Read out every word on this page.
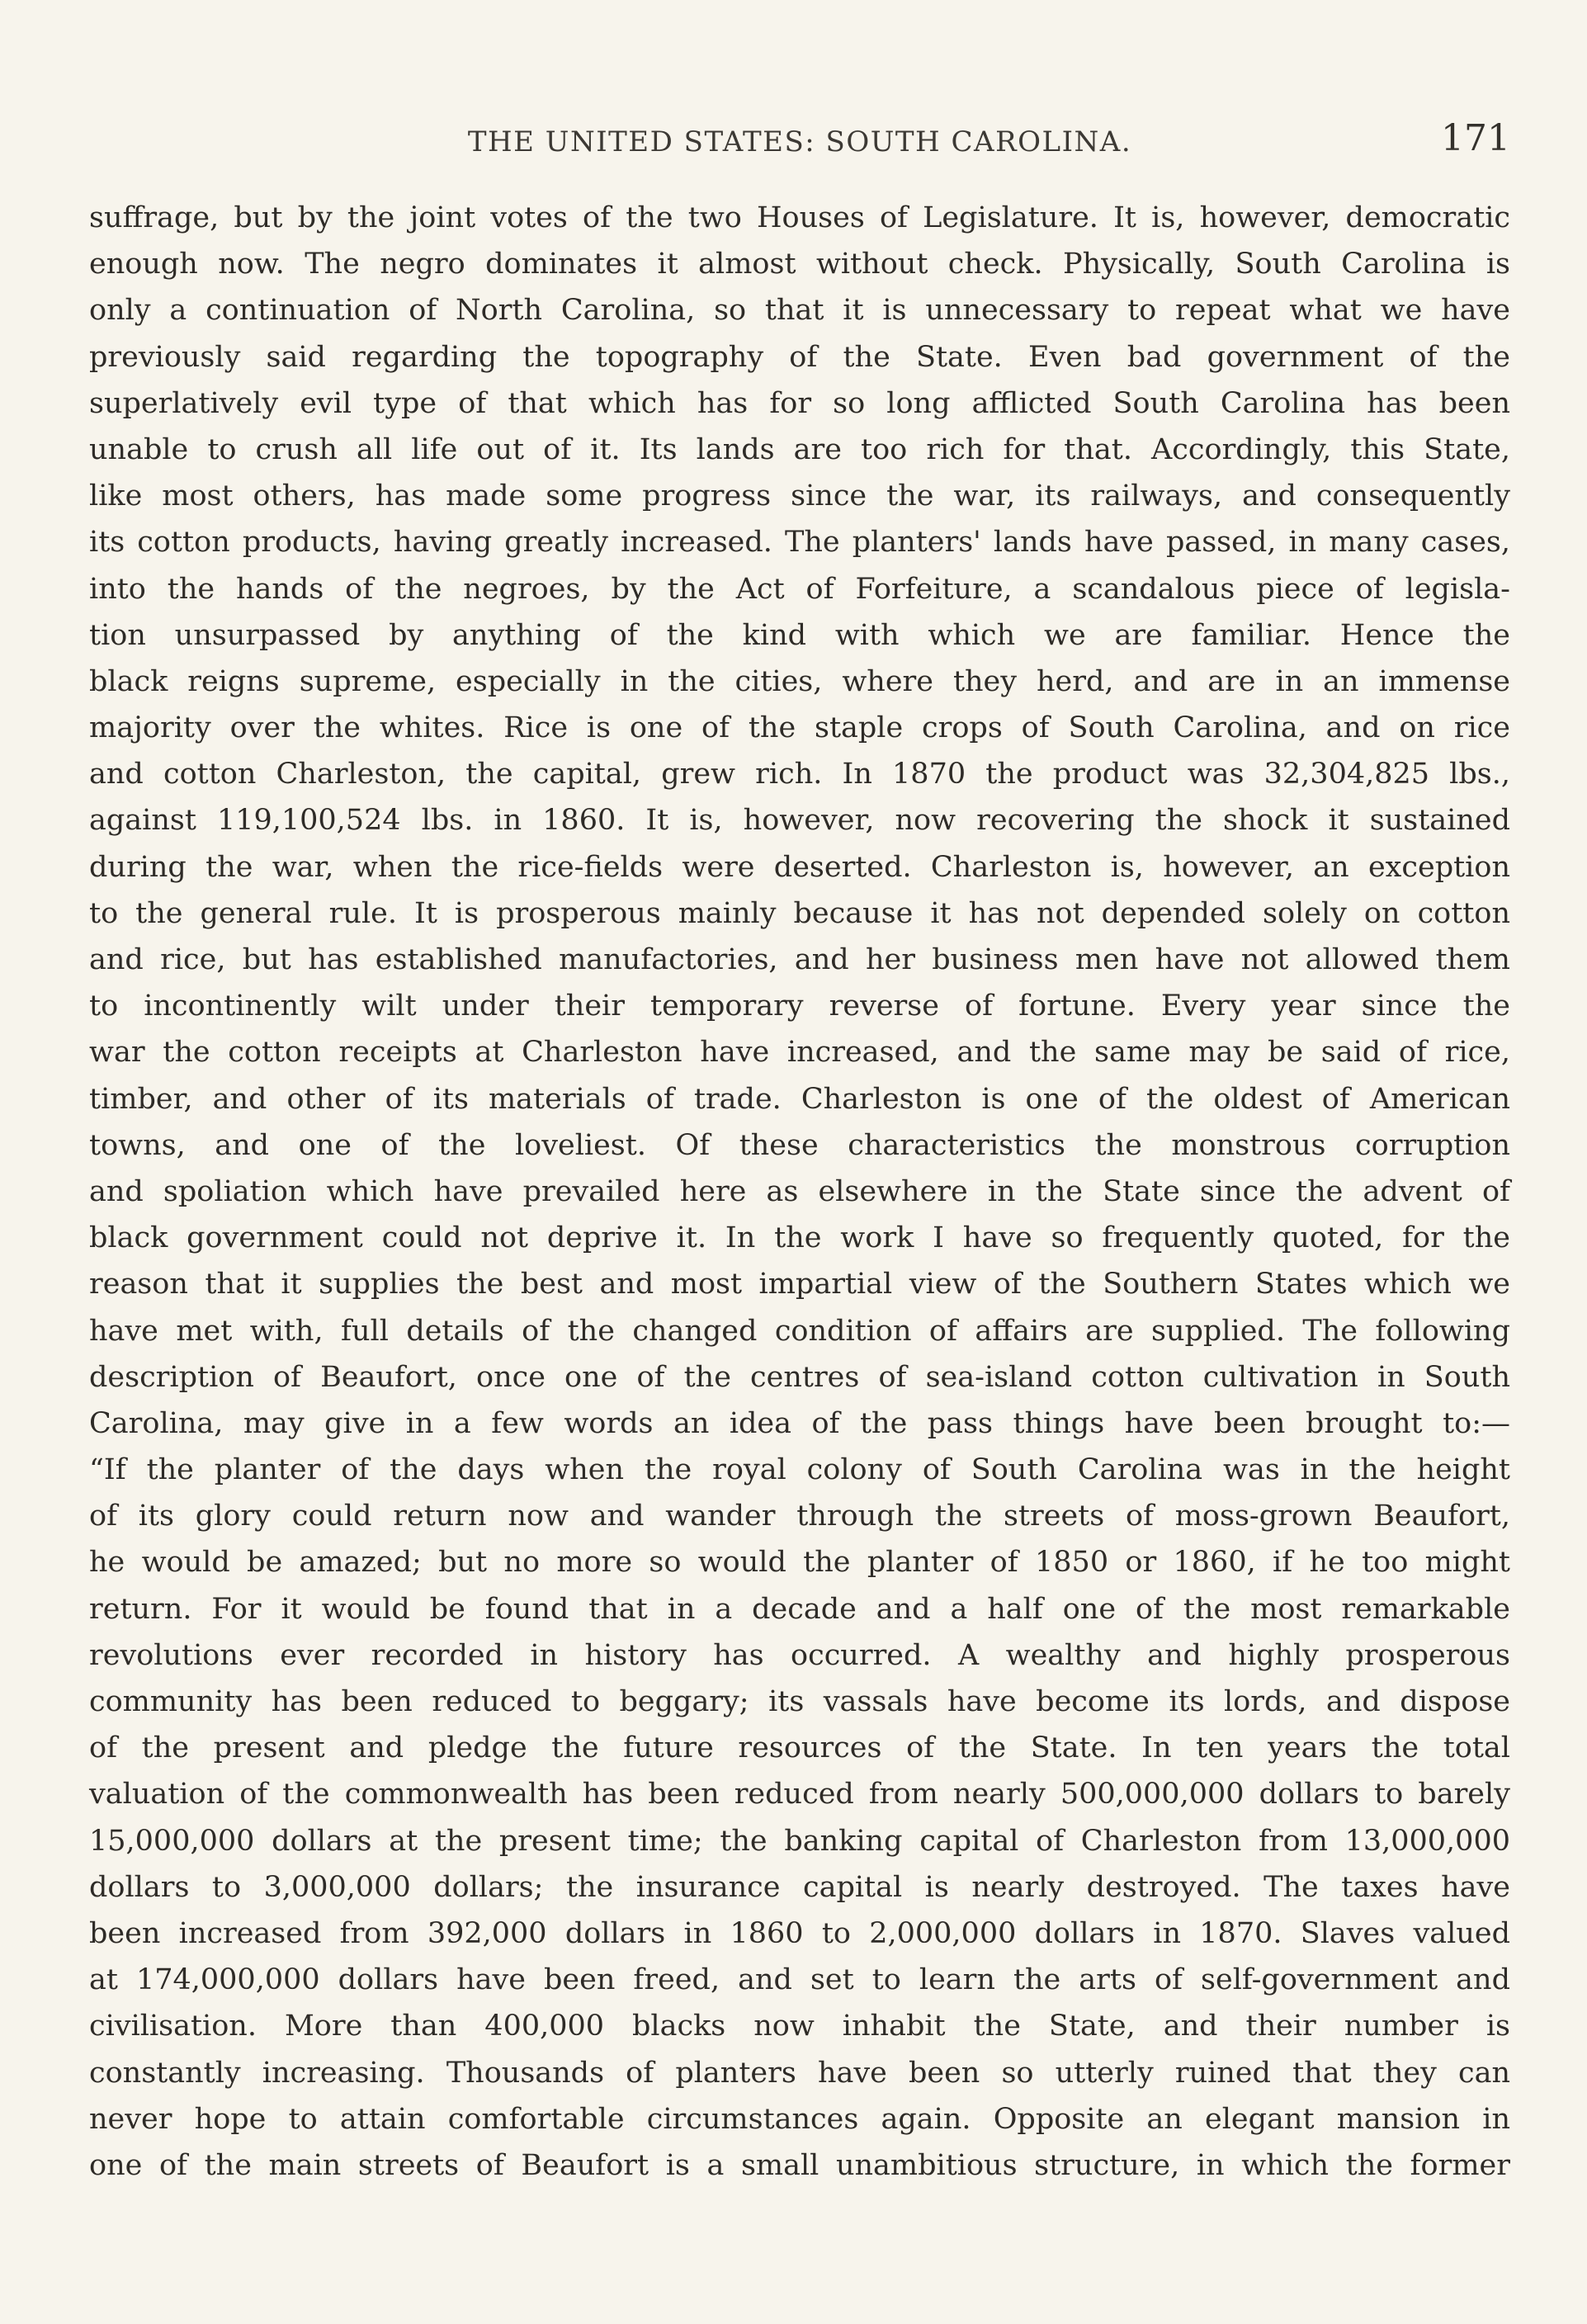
THE UNITED STATES: SOUTH CAROLINA.	171
suffrage, but by the joint votes of the two Houses of Legislature. It is, however, democratic
enough now. The negro dominates it almost without check. Physically, South Carolina is
only a continuation of North Carolina, so that it is unnecessary to repeat what we have
previously said regarding the topography of the State. Even bad government of the
superlatively evil type of that which has for so long afflicted South Carolina has been
unable to crush all life out of it. Its lands are too rich for that. Accordingly, this State,
like most others, has made some progress since the war, its railways, and consequently
its cotton products, having greatly increased. The planters' lands have passed, in many cases,
into the hands of the negroes, by the Act of Forfeiture, a scandalous piece of legisla-
tion unsurpassed by anything of the kind with which we are familiar. Hence the
black reigns supreme, especially in the cities, where they herd, and are in an immense
majority over the whites. Rice is one of the staple crops of South Carolina, and on rice
and cotton Charleston, the capital, grew rich. In 1870 the product was 32,304,825 lbs.,
against 119,100,524 lbs. in 1860. It is, however, now recovering the shock it sustained
during the war, when the rice-fields were deserted. Charleston is, however, an exception
to the general rule. It is prosperous mainly because it has not depended solely on cotton
and rice, but has established manufactories, and her business men have not allowed them
to incontinently wilt under their temporary reverse of fortune. Every year since the
war the cotton receipts at Charleston have increased, and the same may be said of rice,
timber, and other of its materials of trade. Charleston is one of the oldest of American
towns, and one of the loveliest. Of these characteristics the monstrous corruption
and spoliation which have prevailed here as elsewhere in the State since the advent of
black government could not deprive it. In the work I have so frequently quoted, for the
reason that it supplies the best and most impartial view of the Southern States which we
have met with, full details of the changed condition of affairs are supplied. The following
description of Beaufort, once one of the centres of sea-island cotton cultivation in South
Carolina, may give in a few words an idea of the pass things have been brought to:—
“If the planter of the days when the royal colony of South Carolina was in the height
of its glory could return now and wander through the streets of moss-grown Beaufort,
he would be amazed; but no more so would the planter of 1850 or 1860, if he too might
return. For it would be found that in a decade and a half one of the most remarkable
revolutions ever recorded in history has occurred. A wealthy and highly prosperous
community has been reduced to beggary; its vassals have become its lords, and dispose
of the present and pledge the future resources of the State. In ten years the total
valuation of the commonwealth has been reduced from nearly 500,000,000 dollars to barely
15,000,000 dollars at the present time; the banking capital of Charleston from 13,000,000
dollars to 3,000,000 dollars; the insurance capital is nearly destroyed. The taxes have
been increased from 392,000 dollars in 1860 to 2,000,000 dollars in 1870. Slaves valued
at 174,000,000 dollars have been freed, and set to learn the arts of self-government and
civilisation. More than 400,000 blacks now inhabit the State, and their number is
constantly increasing. Thousands of planters have been so utterly ruined that they can
never hope to attain comfortable circumstances again. Opposite an elegant mansion in
one of the main streets of Beaufort is a small unambitious structure, in which the former
